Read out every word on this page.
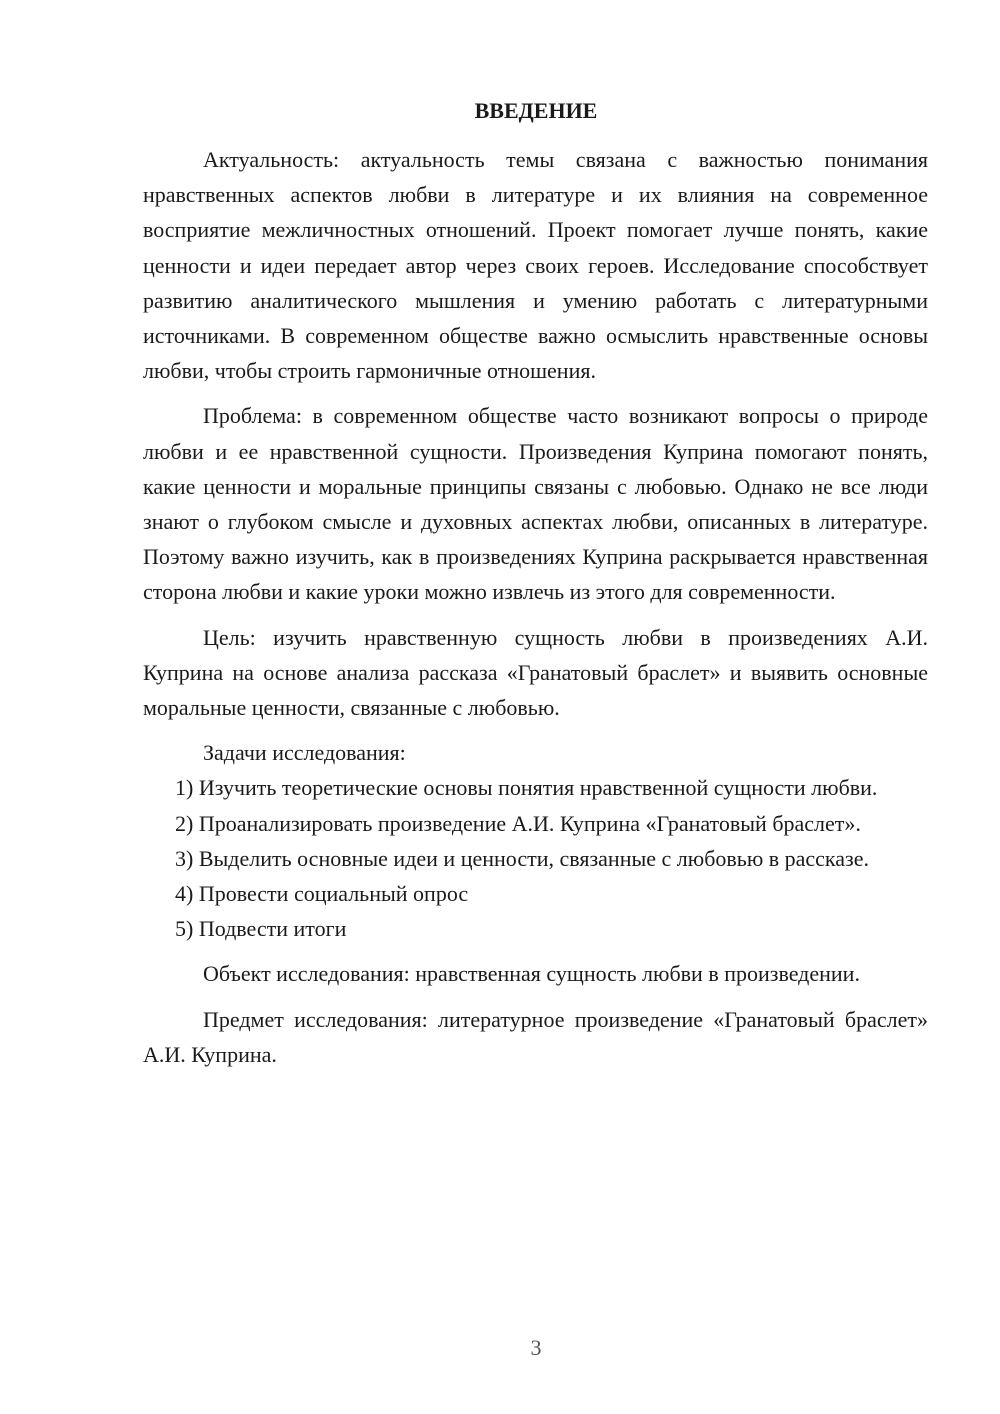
ВВЕДЕНИЕ

Актуальность: актуальность темы связана с важностью понимания нравственных аспектов любви в литературе и их влияния на современное восприятие межличностных отношений. Проект помогает лучше понять, какие ценности и идеи передает автор через своих героев. Исследование способствует развитию аналитического мышления и умению работать с литературными источниками. В современном обществе важно осмыслить нравственные основы любви, чтобы строить гармоничные отношения.

Проблема: в современном обществе часто возникают вопросы о природе любви и ее нравственной сущности. Произведения Куприна помогают понять, какие ценности и моральные принципы связаны с любовью. Однако не все люди знают о глубоком смысле и духовных аспектах любви, описанных в литературе. Поэтому важно изучить, как в произведениях Куприна раскрывается нравственная сторона любви и какие уроки можно извлечь из этого для современности.

Цель: изучить нравственную сущность любви в произведениях А.И. Куприна на основе анализа рассказа «Гранатовый браслет» и выявить основные моральные ценности, связанные с любовью.

Задачи исследования:

1) Изучить теоретические основы понятия нравственной сущности любви.

2) Проанализировать произведение А.И. Куприна «Гранатовый браслет».

3) Выделить основные идеи и ценности, связанные с любовью в рассказе.

4) Провести социальный опрос

5) Подвести итоги

Объект исследования: нравственная сущность любви в произведении.

Предмет исследования: литературное произведение «Гранатовый браслет» А.И. Куприна.

3
